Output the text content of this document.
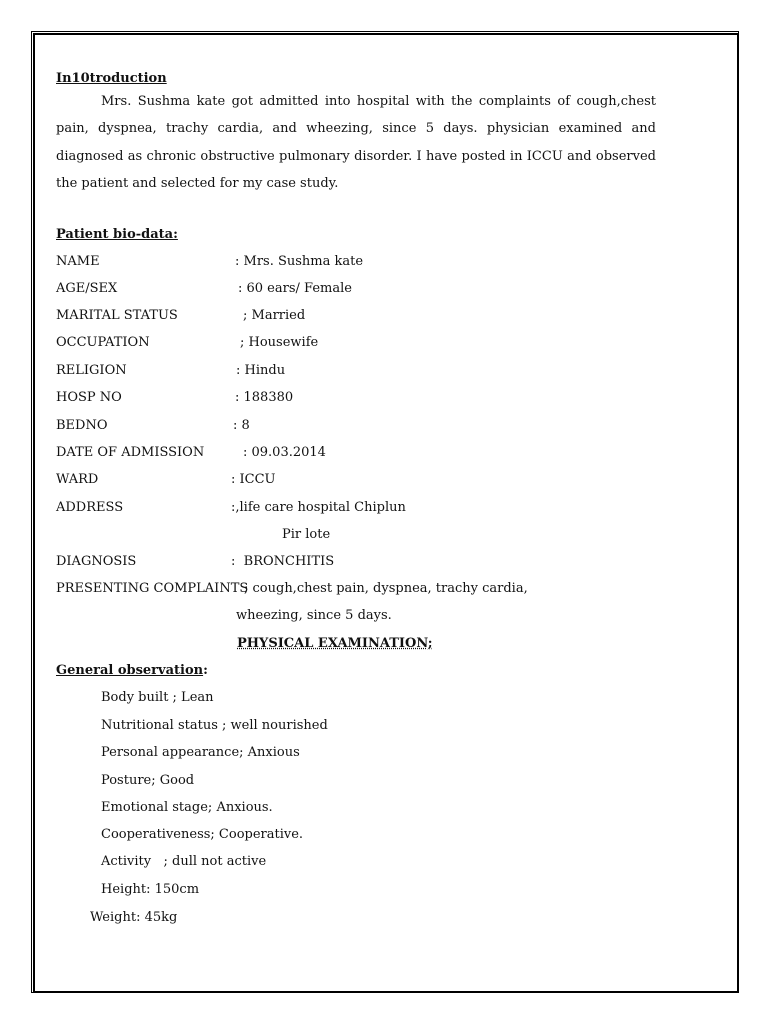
In10troduction
Mrs. Sushma kate got admitted into hospital with the complaints of cough,chest pain, dyspnea, trachy cardia, and wheezing, since 5 days. physician examined and diagnosed as chronic obstructive pulmonary disorder. I have posted in ICCU and observed the patient and selected for my case study.
Patient bio-data:
NAME	: Mrs. Sushma kate
AGE/SEX	: 60 ears/ Female
MARITAL STATUS	; Married
OCCUPATION	; Housewife
RELIGION	: Hindu
HOSP NO	: 188380
BEDNO	: 8
DATE OF ADMISSION	: 09.03.2014
WARD	: ICCU
ADDRESS	:,life care hospital Chiplun
Pir lote
DIAGNOSIS	:  BRONCHITIS
PRESENTING COMPLAINTS
; cough,chest pain, dyspnea, trachy cardia,
wheezing, since 5 days.
PHYSICAL EXAMINATION;
General observation:
Body built ; Lean
Nutritional status ; well nourished
Personal appearance; Anxious
Posture; Good
Emotional stage; Anxious.
Cooperativeness; Cooperative.
Activity   ; dull not active
Height: 150cm
Weight: 45kg
